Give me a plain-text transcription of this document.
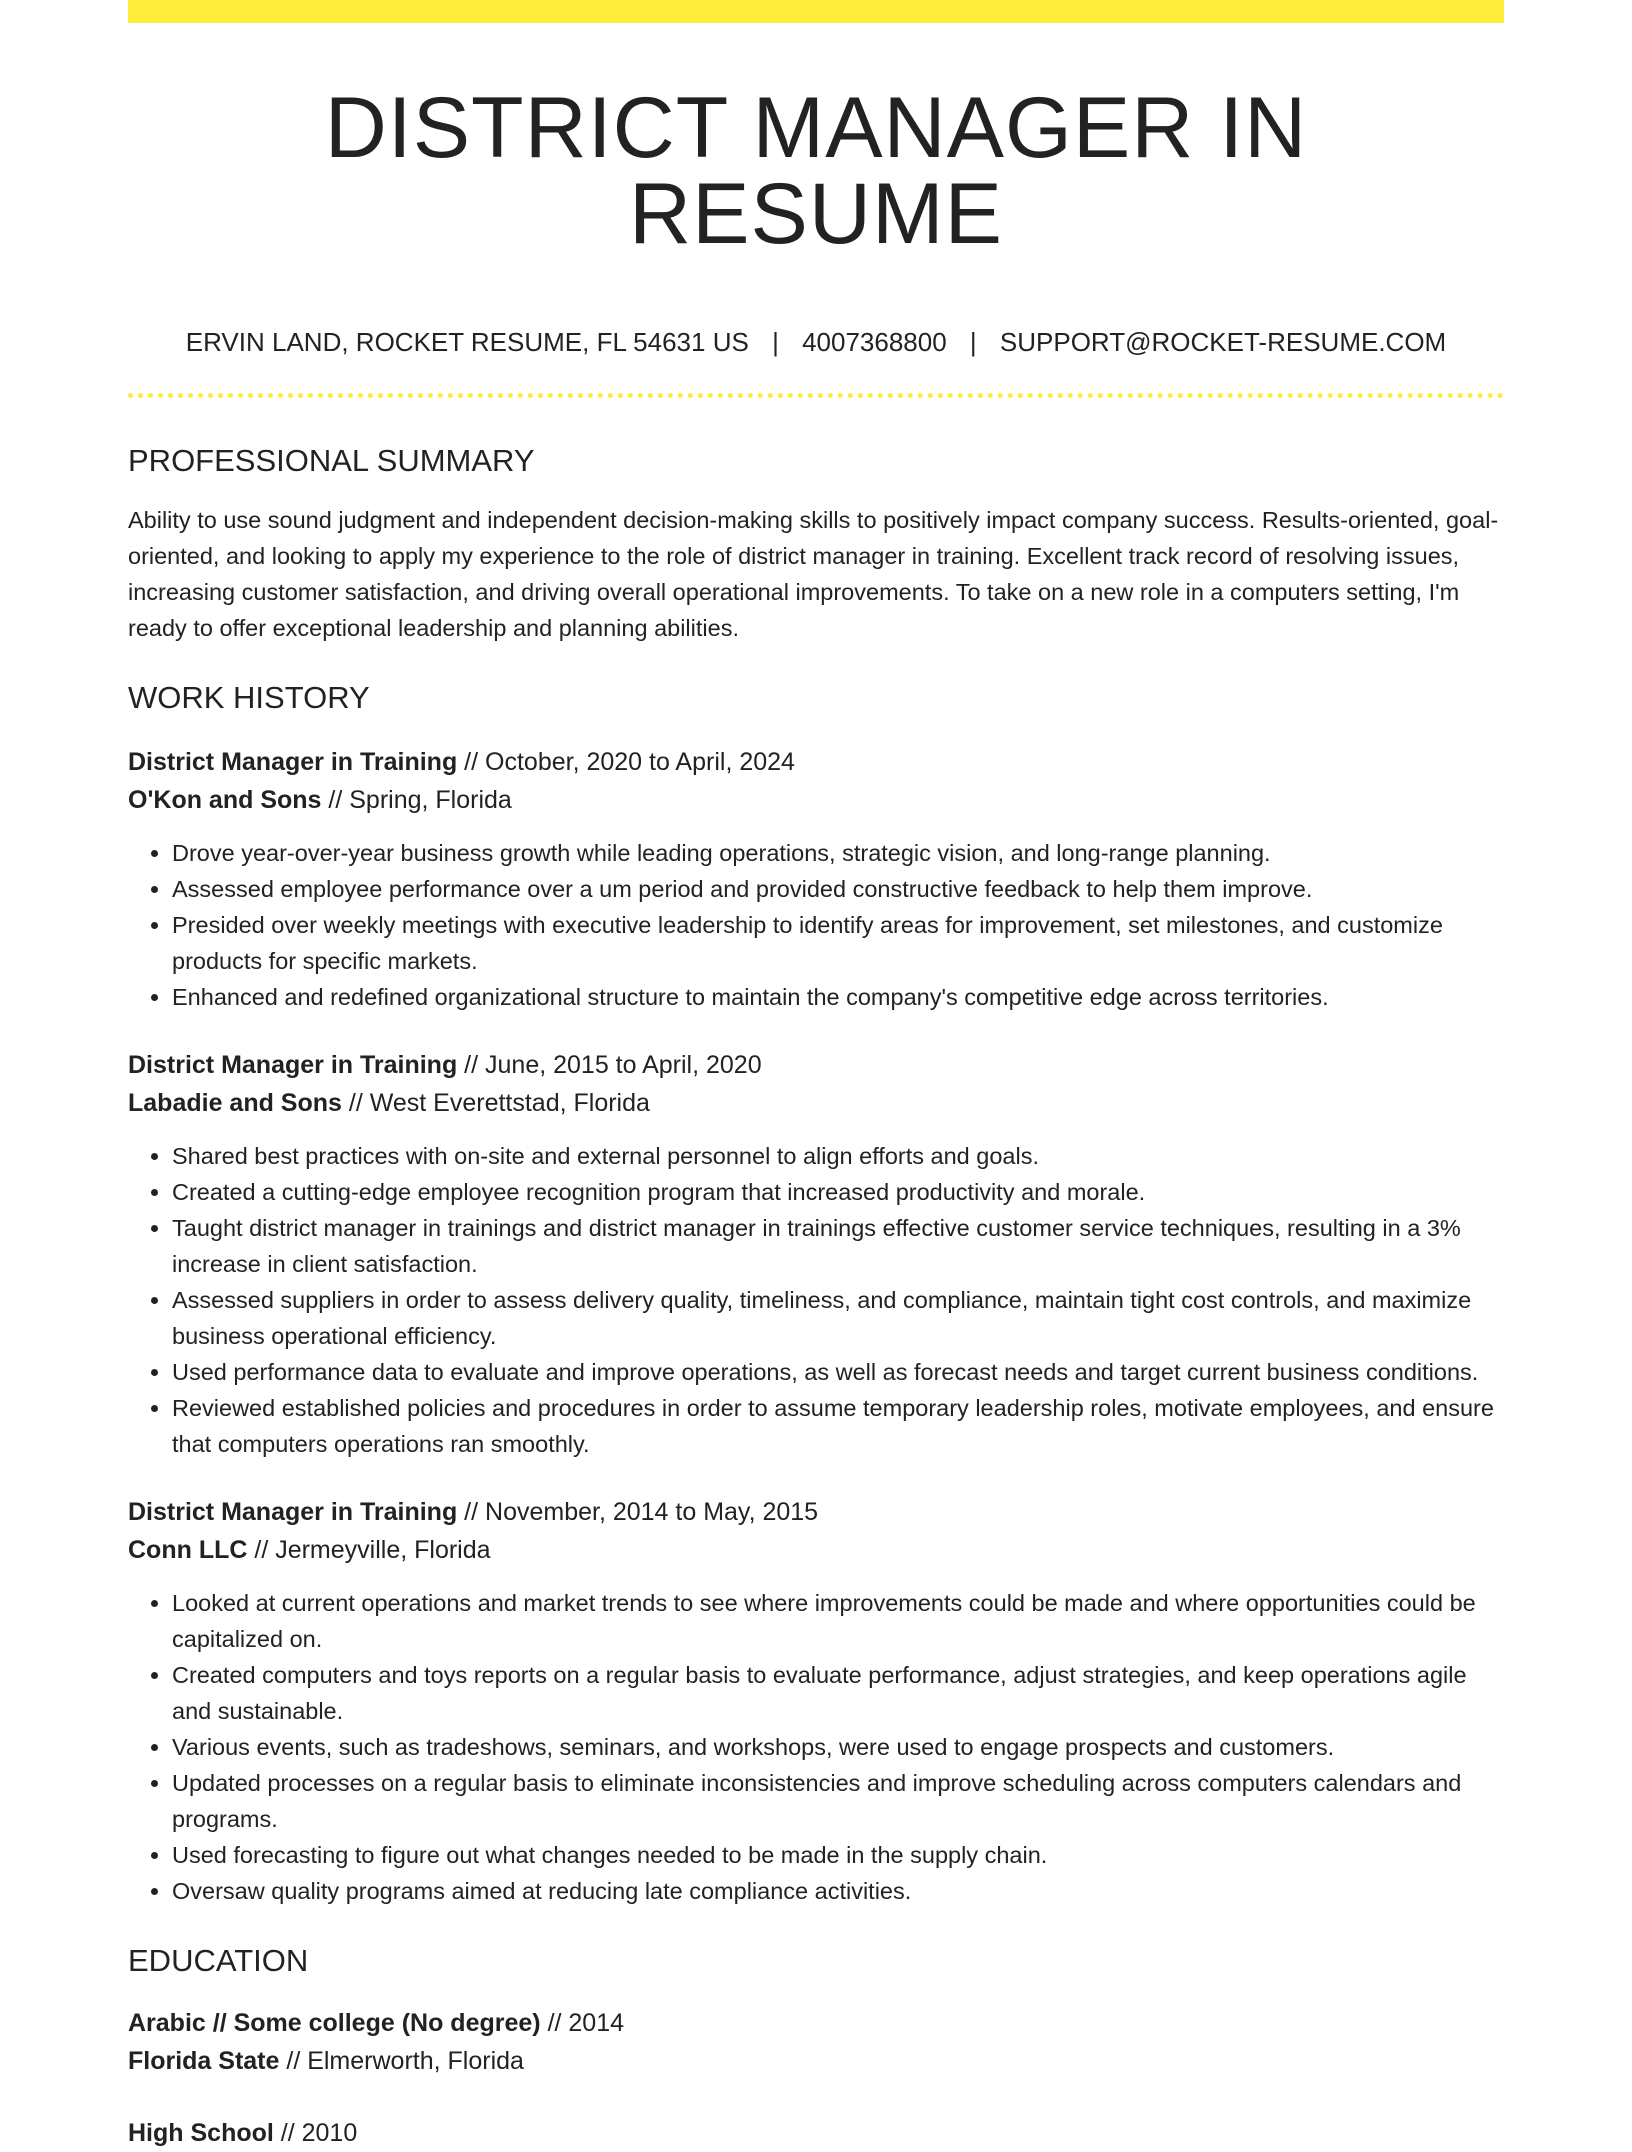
DISTRICT MANAGER IN RESUME
ERVIN LAND, ROCKET RESUME, FL 54631 US | 4007368800 | SUPPORT@ROCKET-RESUME.COM
PROFESSIONAL SUMMARY
Ability to use sound judgment and independent decision-making skills to positively impact company success. Results-oriented, goal-oriented, and looking to apply my experience to the role of district manager in training. Excellent track record of resolving issues, increasing customer satisfaction, and driving overall operational improvements. To take on a new role in a computers setting, I'm ready to offer exceptional leadership and planning abilities.
WORK HISTORY
District Manager in Training // October, 2020 to April, 2024
O'Kon and Sons // Spring, Florida
• Drove year-over-year business growth while leading operations, strategic vision, and long-range planning.
• Assessed employee performance over a um period and provided constructive feedback to help them improve.
• Presided over weekly meetings with executive leadership to identify areas for improvement, set milestones, and customize products for specific markets.
• Enhanced and redefined organizational structure to maintain the company's competitive edge across territories.
District Manager in Training // June, 2015 to April, 2020
Labadie and Sons // West Everettstad, Florida
• Shared best practices with on-site and external personnel to align efforts and goals.
• Created a cutting-edge employee recognition program that increased productivity and morale.
• Taught district manager in trainings and district manager in trainings effective customer service techniques, resulting in a 3% increase in client satisfaction.
• Assessed suppliers in order to assess delivery quality, timeliness, and compliance, maintain tight cost controls, and maximize business operational efficiency.
• Used performance data to evaluate and improve operations, as well as forecast needs and target current business conditions.
• Reviewed established policies and procedures in order to assume temporary leadership roles, motivate employees, and ensure that computers operations ran smoothly.
District Manager in Training // November, 2014 to May, 2015
Conn LLC // Jermeyville, Florida
• Looked at current operations and market trends to see where improvements could be made and where opportunities could be capitalized on.
• Created computers and toys reports on a regular basis to evaluate performance, adjust strategies, and keep operations agile and sustainable.
• Various events, such as tradeshows, seminars, and workshops, were used to engage prospects and customers.
• Updated processes on a regular basis to eliminate inconsistencies and improve scheduling across computers calendars and programs.
• Used forecasting to figure out what changes needed to be made in the supply chain.
• Oversaw quality programs aimed at reducing late compliance activities.
EDUCATION
Arabic // Some college (No degree) // 2014
Florida State // Elmerworth, Florida
High School // 2010
